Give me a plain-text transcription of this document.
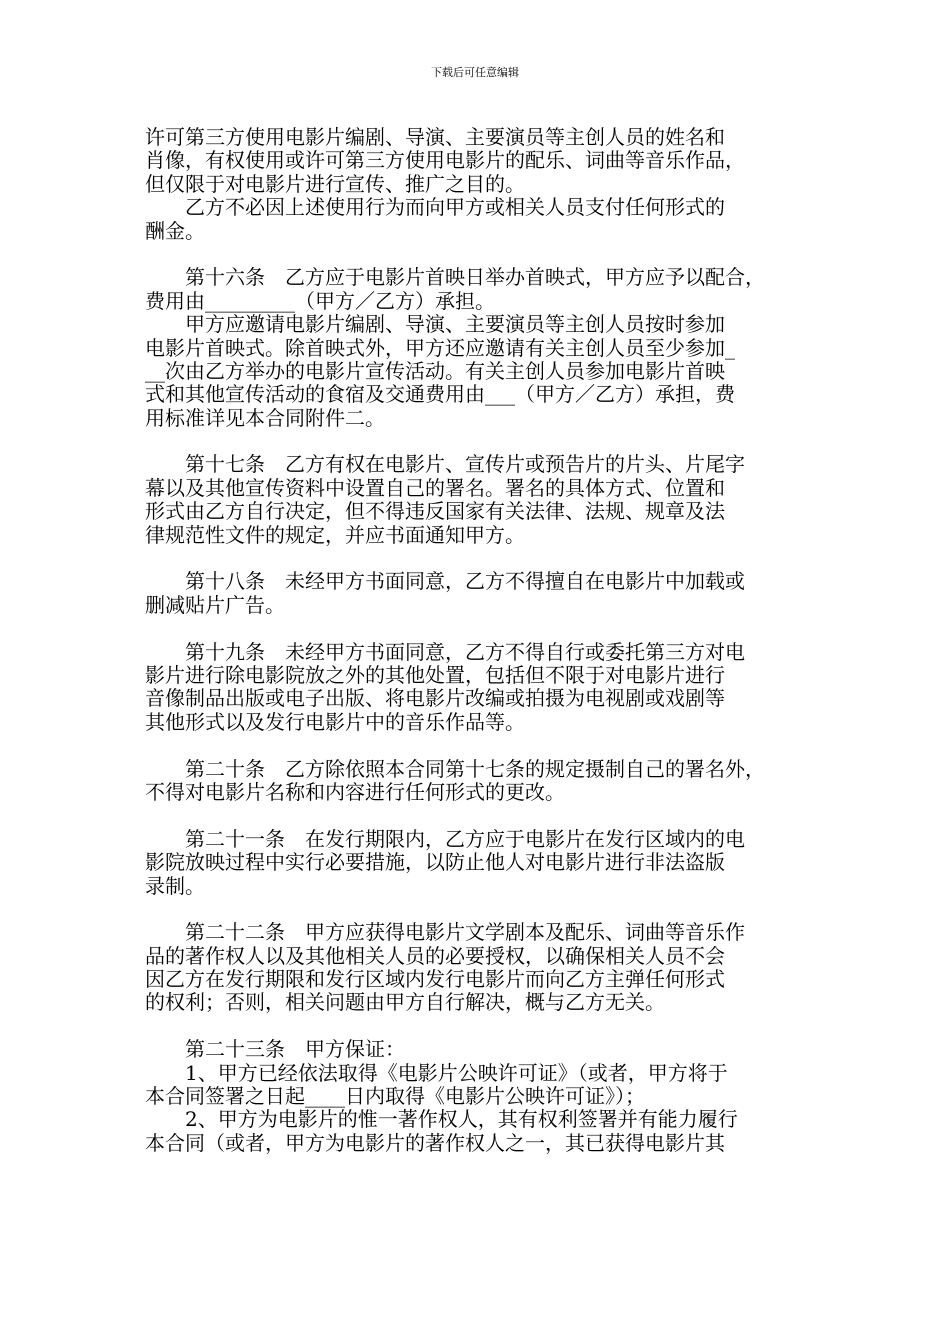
下载后可任意编辑
许可第三方使用电影片编剧、导演、主要演员等主创人员的姓名和
肖像，有权使用或许可第三方使用电影片的配乐、词曲等音乐作品，
但仅限于对电影片进行宣传、推广之目的。
　　乙方不必因上述使用行为而向甲方或相关人员支付任何形式的
酬金。
　　第十六条　乙方应于电影片首映日举办首映式，甲方应予以配合，
费用由_________（甲方／乙方）承担。
　　甲方应邀请电影片编剧、导演、主要演员等主创人员按时参加
电影片首映式。除首映式外，甲方还应邀请有关主创人员至少参加_
__次由乙方举办的电影片宣传活动。有关主创人员参加电影片首映
式和其他宣传活动的食宿及交通费用由___（甲方／乙方）承担，费
用标准详见本合同附件二。
　　第十七条　乙方有权在电影片、宣传片或预告片的片头、片尾字
幕以及其他宣传资料中设置自己的署名。署名的具体方式、位置和
形式由乙方自行决定，但不得违反国家有关法律、法规、规章及法
律规范性文件的规定，并应书面通知甲方。
　　第十八条　未经甲方书面同意，乙方不得擅自在电影片中加载或
删减贴片广告。
　　第十九条　未经甲方书面同意，乙方不得自行或委托第三方对电
影片进行除电影院放之外的其他处置，包括但不限于对电影片进行
音像制品出版或电子出版、将电影片改编或拍摄为电视剧或戏剧等
其他形式以及发行电影片中的音乐作品等。
　　第二十条　乙方除依照本合同第十七条的规定摄制自己的署名外，
不得对电影片名称和内容进行任何形式的更改。
　　第二十一条　在发行期限内，乙方应于电影片在发行区域内的电
影院放映过程中实行必要措施，以防止他人对电影片进行非法盗版
录制。
　　第二十二条　甲方应获得电影片文学剧本及配乐、词曲等音乐作
品的著作权人以及其他相关人员的必要授权，以确保相关人员不会
因乙方在发行期限和发行区域内发行电影片而向乙方主弹任何形式
的权利；否则，相关问题由甲方自行解决，概与乙方无关。
　　第二十三条　甲方保证：
　　1、甲方已经依法取得《电影片公映许可证》（或者，甲方将于
本合同签署之日起____日内取得《电影片公映许可证》）；
　　2、甲方为电影片的惟一著作权人，其有权利签署并有能力履行
本合同（或者，甲方为电影片的著作权人之一，其已获得电影片其
